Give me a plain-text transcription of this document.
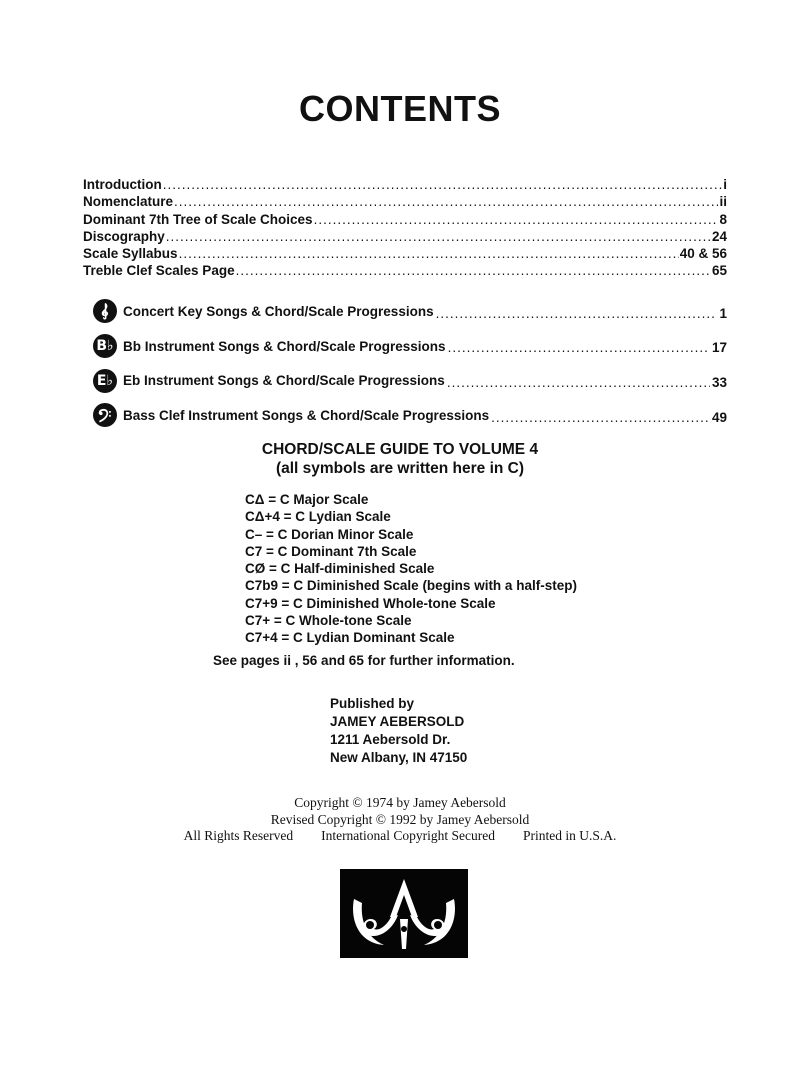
CONTENTS
Introduction .....	i
Nomenclature .....	ii
Dominant 7th Tree of Scale Choices .....	8
Discography .....	24
Scale Syllabus .....	40 & 56
Treble Clef Scales Page .....	65
Concert Key Songs & Chord/Scale Progressions .....	1
B♭ Bb Instrument Songs & Chord/Scale Progressions .....	17
E♭ Eb Instrument Songs & Chord/Scale Progressions .....	33
Bass Clef Instrument Songs & Chord/Scale Progressions .....	49
CHORD/SCALE GUIDE TO VOLUME 4
(all symbols are written here in C)
CΔ = C Major Scale
CΔ+4 = C Lydian Scale
C– = C Dorian Minor Scale
C7 = C Dominant 7th Scale
CØ = C Half-diminished Scale
C7b9 = C Diminished Scale (begins with a half-step)
C7+9 = C Diminished Whole-tone Scale
C7+ = C Whole-tone Scale
C7+4 = C Lydian Dominant Scale
See pages ii , 56 and 65 for further information.
Published by
JAMEY AEBERSOLD
1211 Aebersold Dr.
New Albany, IN 47150
Copyright © 1974 by Jamey Aebersold
Revised Copyright © 1992 by Jamey Aebersold
All Rights Reserved International Copyright Secured Printed in U.S.A.
